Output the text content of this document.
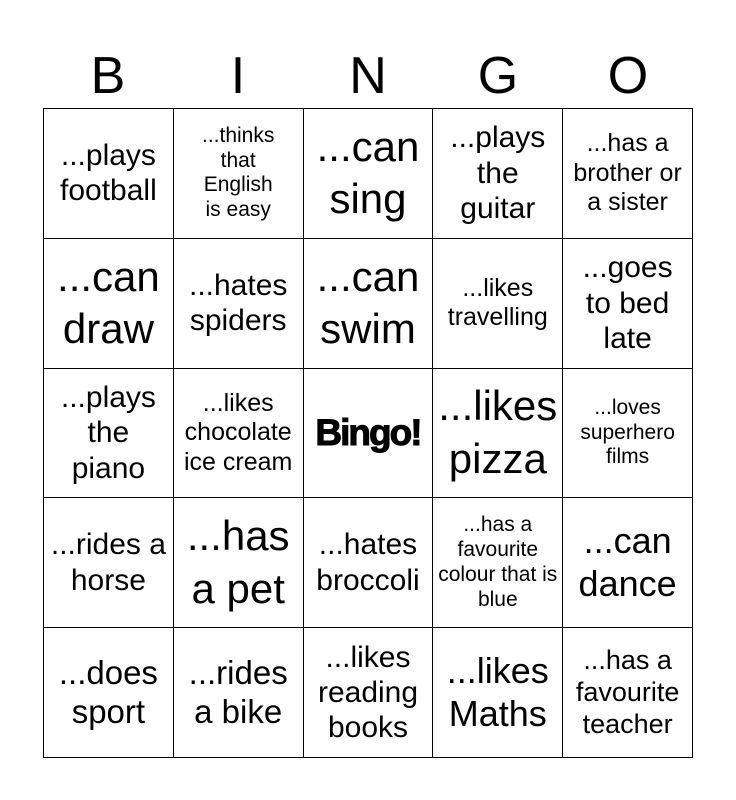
B	I	N	G	O
...plays football
...thinks that English is easy
...can sing
...plays the guitar
...has a brother or a sister
...can draw
...hates spiders
...can swim
...likes travelling
...goes to bed late
...plays the piano
...likes chocolate ice cream
Bingo!
...likes pizza
...loves superhero films
...rides a horse
...has a pet
...hates broccoli
...has a favourite colour that is blue
...can dance
...does sport
...rides a bike
...likes reading books
...likes Maths
...has a favourite teacher
